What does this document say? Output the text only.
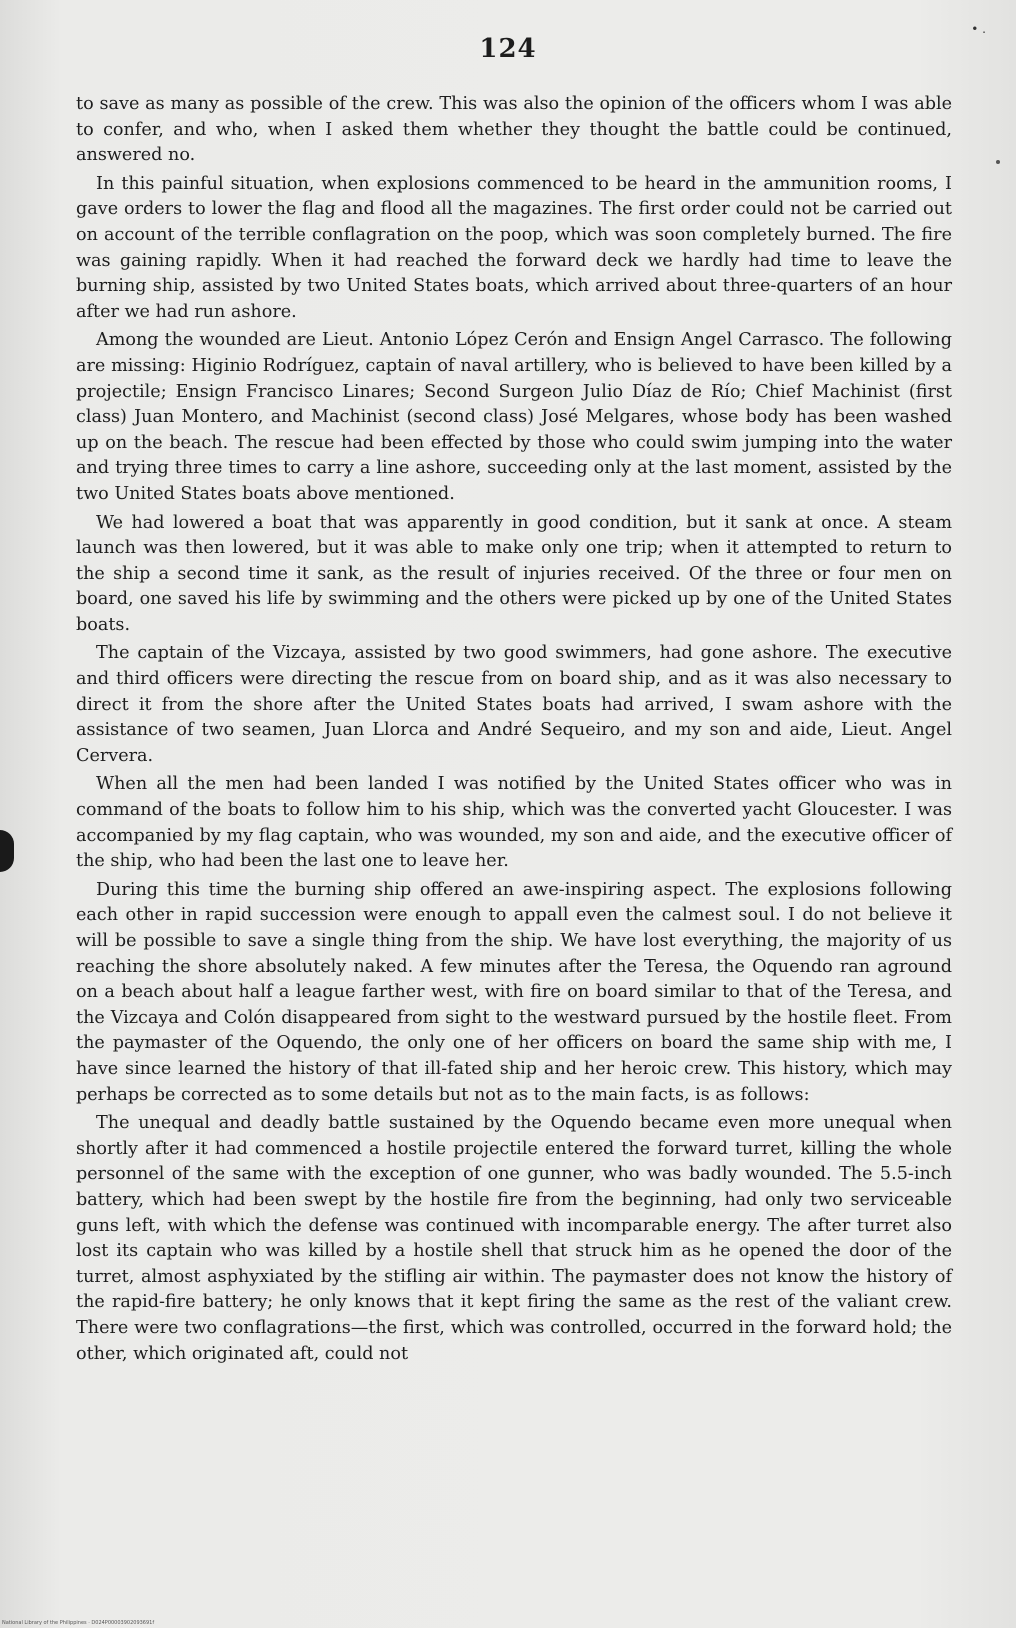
• .
124

to save as many as possible of the crew. This was also the opinion of the officers whom I was able to confer, and who, when I asked them whether they thought the battle could be continued, answered no.

In this painful situation, when explosions commenced to be heard in the ammunition rooms, I gave orders to lower the flag and flood all the magazines. The first order could not be carried out on account of the terrible conflagration on the poop, which was soon completely burned. The fire was gaining rapidly. When it had reached the forward deck we hardly had time to leave the burning ship, assisted by two United States boats, which arrived about three-quarters of an hour after we had run ashore.

Among the wounded are Lieut. Antonio López Cerón and Ensign Angel Carrasco. The following are missing: Higinio Rodríguez, captain of naval artillery, who is believed to have been killed by a projectile; Ensign Francisco Linares; Second Surgeon Julio Díaz de Río; Chief Machinist (first class) Juan Montero, and Machinist (second class) José Melgares, whose body has been washed up on the beach. The rescue had been effected by those who could swim jumping into the water and trying three times to carry a line ashore, succeeding only at the last moment, assisted by the two United States boats above mentioned.

We had lowered a boat that was apparently in good condition, but it sank at once. A steam launch was then lowered, but it was able to make only one trip; when it attempted to return to the ship a second time it sank, as the result of injuries received. Of the three or four men on board, one saved his life by swimming and the others were picked up by one of the United States boats.

The captain of the Vizcaya, assisted by two good swimmers, had gone ashore. The executive and third officers were directing the rescue from on board ship, and as it was also necessary to direct it from the shore after the United States boats had arrived, I swam ashore with the assistance of two seamen, Juan Llorca and André Sequeiro, and my son and aide, Lieut. Angel Cervera.

When all the men had been landed I was notified by the United States officer who was in command of the boats to follow him to his ship, which was the converted yacht Gloucester. I was accompanied by my flag captain, who was wounded, my son and aide, and the executive officer of the ship, who had been the last one to leave her.

During this time the burning ship offered an awe-inspiring aspect. The explosions following each other in rapid succession were enough to appall even the calmest soul. I do not believe it will be possible to save a single thing from the ship. We have lost everything, the majority of us reaching the shore absolutely naked. A few minutes after the Teresa, the Oquendo ran aground on a beach about half a league farther west, with fire on board similar to that of the Teresa, and the Vizcaya and Colón disappeared from sight to the westward pursued by the hostile fleet. From the paymaster of the Oquendo, the only one of her officers on board the same ship with me, I have since learned the history of that ill-fated ship and her heroic crew. This history, which may perhaps be corrected as to some details but not as to the main facts, is as follows:

The unequal and deadly battle sustained by the Oquendo became even more unequal when shortly after it had commenced a hostile projectile entered the forward turret, killing the whole personnel of the same with the exception of one gunner, who was badly wounded. The 5.5-inch battery, which had been swept by the hostile fire from the beginning, had only two serviceable guns left, with which the defense was continued with incomparable energy. The after turret also lost its captain who was killed by a hostile shell that struck him as he opened the door of the turret, almost asphyxiated by the stifling air within. The paymaster does not know the history of the rapid-fire battery; he only knows that it kept firing the same as the rest of the valiant crew. There were two conflagrations—the first, which was controlled, occurred in the forward hold; the other, which originated aft, could not

National Library of the Philippines · D024P00003902093691f
